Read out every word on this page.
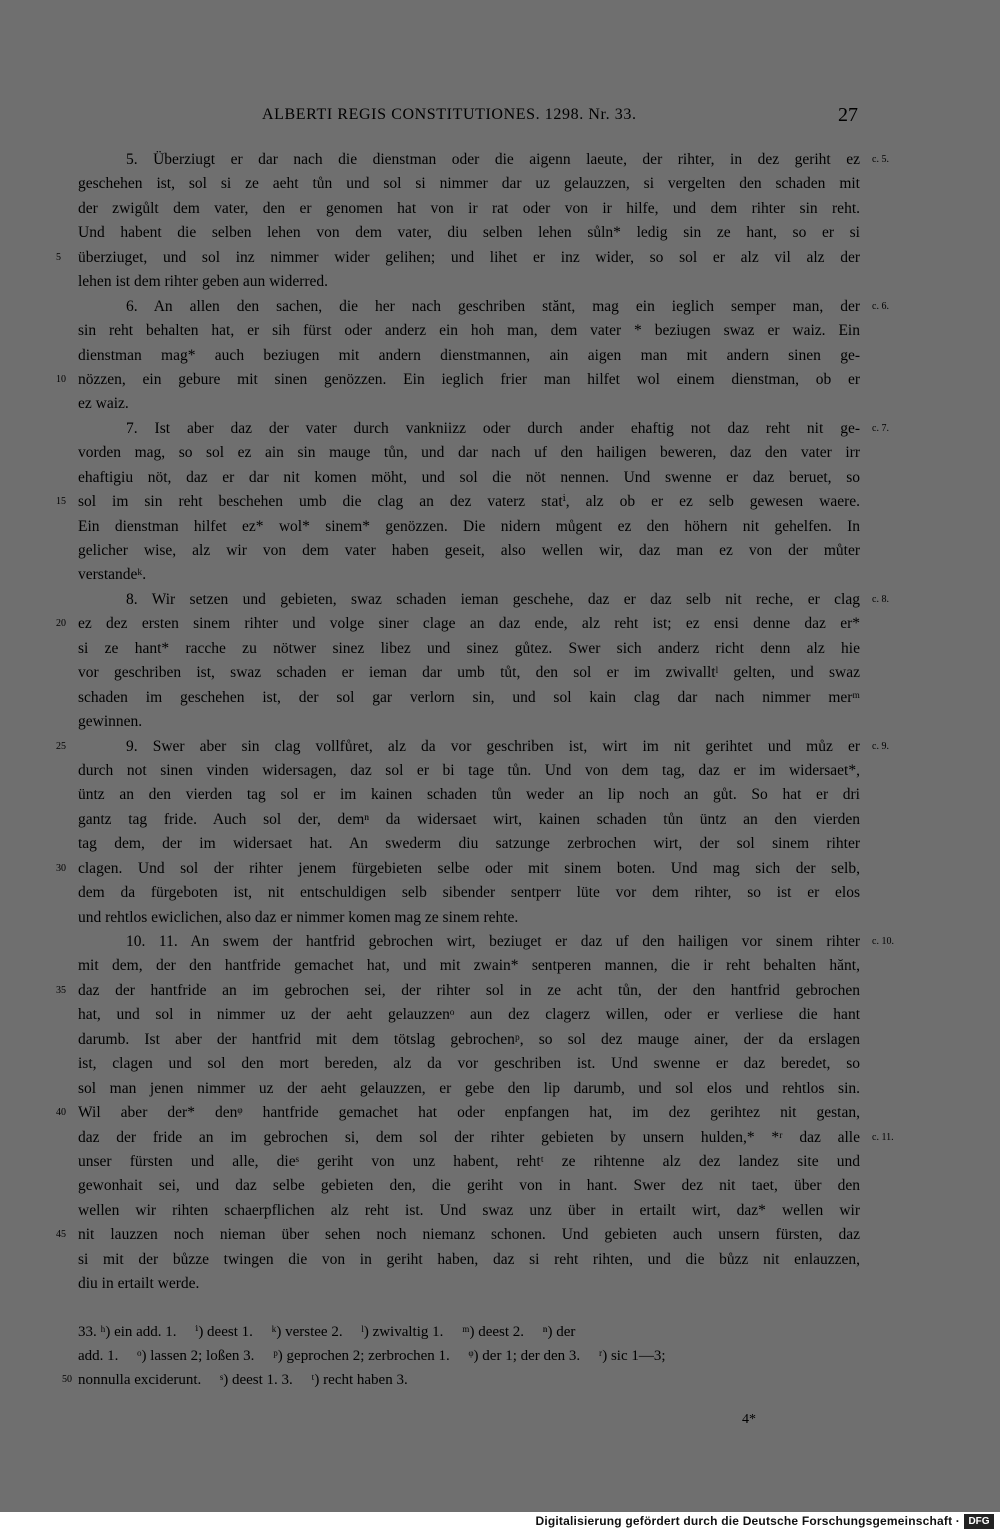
ALBERTI REGIS CONSTITUTIONES. 1298. Nr. 33.	27
5. Überziugt er dar nach die dienstman oder die aigenn laeute, der rihter, in dez geriht ez c. 5.
geschehen ist, sol si ze aeht tůn und sol si nimmer dar uz gelauzzen, si vergelten den schaden mit
der zwigůlt dem vater, den er genomen hat von ir rat oder von ir hilfe, und dem rihter sin reht.
Und habent die selben lehen von dem vater, diu selben lehen sůln* ledig sin ze hant, so er si
überziuget, und sol inz nimmer wider gelihen; und lihet er inz wider, so sol er alz vil alz der
5
lehen ist dem rihter geben aun widerred.
6. An allen den sachen, die her nach geschriben stănt, mag ein ieglich semper man, der c. 6.
sin reht behalten hat, er sih fürst oder anderz ein hoh man, dem vater * beziugen swaz er waiz. Ein
dienstman mag* auch beziugen mit andern dienstmannen, ain aigen man mit andern sinen ge-
nözzen, ein gebure mit sinen genözzen. Ein ieglich frier man hilfet wol einem dienstman, ob er
10
ez waiz.
7. Ist aber daz der vater durch vankniizz oder durch ander ehaftig not daz reht nit ge- c. 7.
vorden mag, so sol ez ain sin mauge tůn, und dar nach uf den hailigen beweren, daz den vater irr
ehaftigiu nöt, daz er dar nit komen möht, und sol die nöt nennen. Und swenne er daz beruet, so
sol im sin reht beschehen umb die clag an dez vaterz statⁱ, alz ob er ez selb gewesen waere.
15
Ein dienstman hilfet ez* wol* sinem* genözzen. Die nidern můgent ez den höhern nit gehelfen. In
gelicher wise, alz wir von dem vater haben geseit, also wellen wir, daz man ez von der můter
verstandeᵏ.
8. Wir setzen und gebieten, swaz schaden ieman geschehe, daz er daz selb nit reche, er clag c. 8.
ez dez ersten sinem rihter und volge siner clage an daz ende, alz reht ist; ez ensi denne daz er*
20
si ze hant* racche zu nötwer sinez libez und sinez gůtez. Swer sich anderz richt denn alz hie
vor geschriben ist, swaz schaden er ieman dar umb tůt, den sol er im zwivalltˡ gelten, und swaz
schaden im geschehen ist, der sol gar verlorn sin, und sol kain clag dar nach nimmer merᵐ
gewinnen.
9. Swer aber sin clag vollfůret, alz da vor geschriben ist, wirt im nit gerihtet und můz er
25	c. 9.
durch not sinen vinden widersagen, daz sol er bi tage tůn. Und von dem tag, daz er im widersaet*,
üntz an den vierden tag sol er im kainen schaden tůn weder an lip noch an gůt. So hat er dri
gantz tag fride. Auch sol der, demⁿ da widersaet wirt, kainen schaden tůn üntz an den vierden
tag dem, der im widersaet hat. An swederm diu satzunge zerbrochen wirt, der sol sinem rihter
clagen. Und sol der rihter jenem fürgebieten selbe oder mit sinem boten. Und mag sich der selb,
30
dem da fürgeboten ist, nit entschuldigen selb sibender sentperr lüte vor dem rihter, so ist er elos
und rehtlos ewiclichen, also daz er nimmer komen mag ze sinem rehte.
10. 11. An swem der hantfrid gebrochen wirt, beziuget er daz uf den hailigen vor sinem rihter c. 10.
mit dem, der den hantfride gemachet hat, und mit zwain* sentperen mannen, die ir reht behalten hănt,
daz der hantfride an im gebrochen sei, der rihter sol in ze acht tůn, der den hantfrid gebrochen
35
hat, und sol in nimmer uz der aeht gelauzzenᵒ aun dez clagerz willen, oder er verliese die hant
darumb. Ist aber der hantfrid mit dem tötslag gebrochenᵖ, so sol dez mauge ainer, der da erslagen
ist, clagen und sol den mort bereden, alz da vor geschriben ist. Und swenne er daz beredet, so
sol man jenen nimmer uz der aeht gelauzzen, er gebe den lip darumb, und sol elos und rehtlos sin.
Wil aber der* denᵠ hantfride gemachet hat oder enpfangen hat, im dez gerihtez nit gestan,
40
daz der fride an im gebrochen si, dem sol der rihter gebieten by unsern hulden,* *ʳ daz alle c. 11.
unser fürsten und alle, dieˢ geriht von unz habent, rehtᵗ ze rihtenne alz dez landez site und
gewonhait sei, und daz selbe gebieten den, die geriht von in hant. Swer dez nit taet, über den
wellen wir rihten schaerpflichen alz reht ist. Und swaz unz über in ertailt wirt, daz* wellen wir
nit lauzzen noch nieman über sehen noch niemanz schonen. Und gebieten auch unsern fürsten, daz
45
si mit der bůzze twingen die von in geriht haben, daz si reht rihten, und die bůzz nit enlauzzen,
diu in ertailt werde.
33. ʰ) ein add. 1.     ⁱ) deest 1.     ᵏ) verstee 2.     ˡ) zwivaltig 1.     ᵐ) deest 2.     ⁿ) der
add. 1.     ᵒ) lassen 2; loßen 3.     ᵖ) geprochen 2; zerbrochen 1.     ᵠ) der 1; der den 3.     ʳ) sic 1—3;
nonnulla exciderunt.     ˢ) deest 1. 3.     ᵗ) recht haben 3.
50
4*
Digitalisierung gefördert durch die Deutsche Forschungsgemeinschaft · DFG
